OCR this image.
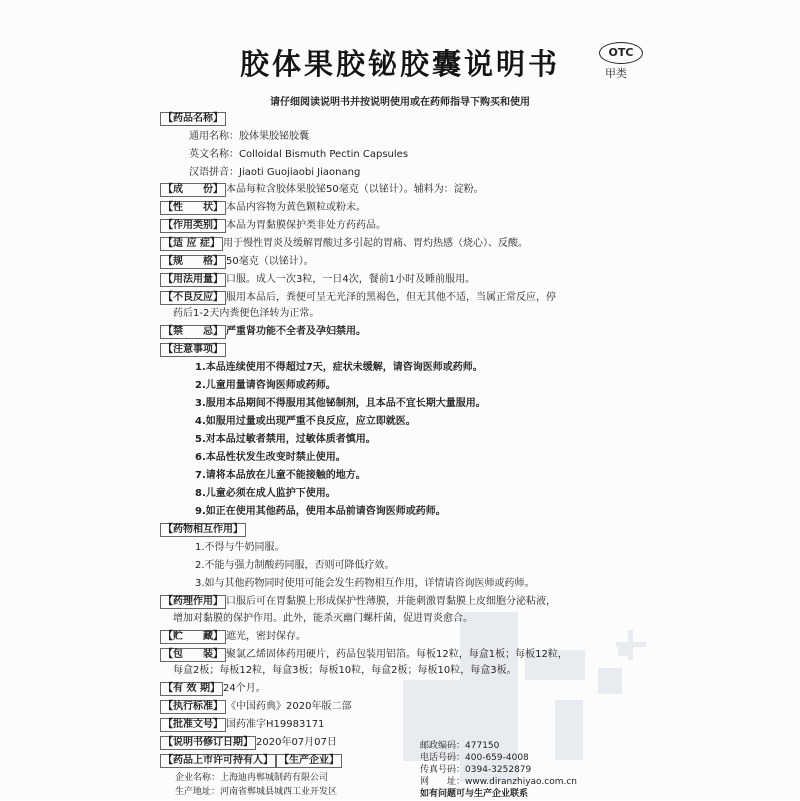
胶体果胶铋胶囊说明书	OTC
甲类
请仔细阅读说明书并按说明使用或在药师指导下购买和使用
【药品名称】
通用名称：胶体果胶铋胶囊
英文名称：Colloidal Bismuth Pectin Capsules
汉语拼音：Jiaoti Guojiaobi Jiaonang
【成　　份】 本品每粒含胶体果胶铋50毫克（以铋计）。辅料为：淀粉。
【性　　状】 本品内容物为黄色颗粒或粉末。
【作用类别】 本品为胃黏膜保护类非处方药药品。
【适 应 症】 用于慢性胃炎及缓解胃酸过多引起的胃痛、胃灼热感（烧心）、反酸。
【规　　格】 50毫克（以铋计）。
【用法用量】 口服。成人一次3粒，一日4次，餐前1小时及睡前服用。
【不良反应】 服用本品后，粪便可呈无光泽的黑褐色，但无其他不适，当属正常反应，停
药后1-2天内粪便色泽转为正常。
【禁　　忌】 严重肾功能不全者及孕妇禁用。
【注意事项】
1.本品连续使用不得超过7天，症状未缓解，请咨询医师或药师。
2.儿童用量请咨询医师或药师。
3.服用本品期间不得服用其他铋制剂，且本品不宜长期大量服用。
4.如服用过量或出现严重不良反应，应立即就医。
5.对本品过敏者禁用，过敏体质者慎用。
6.本品性状发生改变时禁止使用。
7.请将本品放在儿童不能接触的地方。
8.儿童必须在成人监护下使用。
9.如正在使用其他药品，使用本品前请咨询医师或药师。
【药物相互作用】
1.不得与牛奶同服。
2.不能与强力制酸药同服，否则可降低疗效。
3.如与其他药物同时使用可能会发生药物相互作用，详情请咨询医师或药师。
【药理作用】 口服后可在胃黏膜上形成保护性薄膜，并能刺激胃黏膜上皮细胞分泌粘液，
增加对黏膜的保护作用。此外，能杀灭幽门螺杆菌，促进胃炎愈合。
【贮　　藏】 遮光，密封保存。
【包　　装】 聚氯乙烯固体药用硬片，药品包装用铝箔。每板12粒，每盒1板；每板12粒，
每盒2板；每板12粒，每盒3板；每板10粒，每盒2板；每板10粒，每盒3板。
【有 效 期】 24个月。
【执行标准】 《中国药典》2020年版二部
【批准文号】 国药准字H19983171
【说明书修订日期】 2020年07月07日
【药品上市许可持有人】 【生产企业】
企业名称：上海迪冉郸城制药有限公司
生产地址：河南省郸城县城西工业开发区
邮政编码：477150
电话号码：400-659-4008
传真号码：0394-3252879
网　　址：www.diranzhiyao.com.cn
如有问题可与生产企业联系
